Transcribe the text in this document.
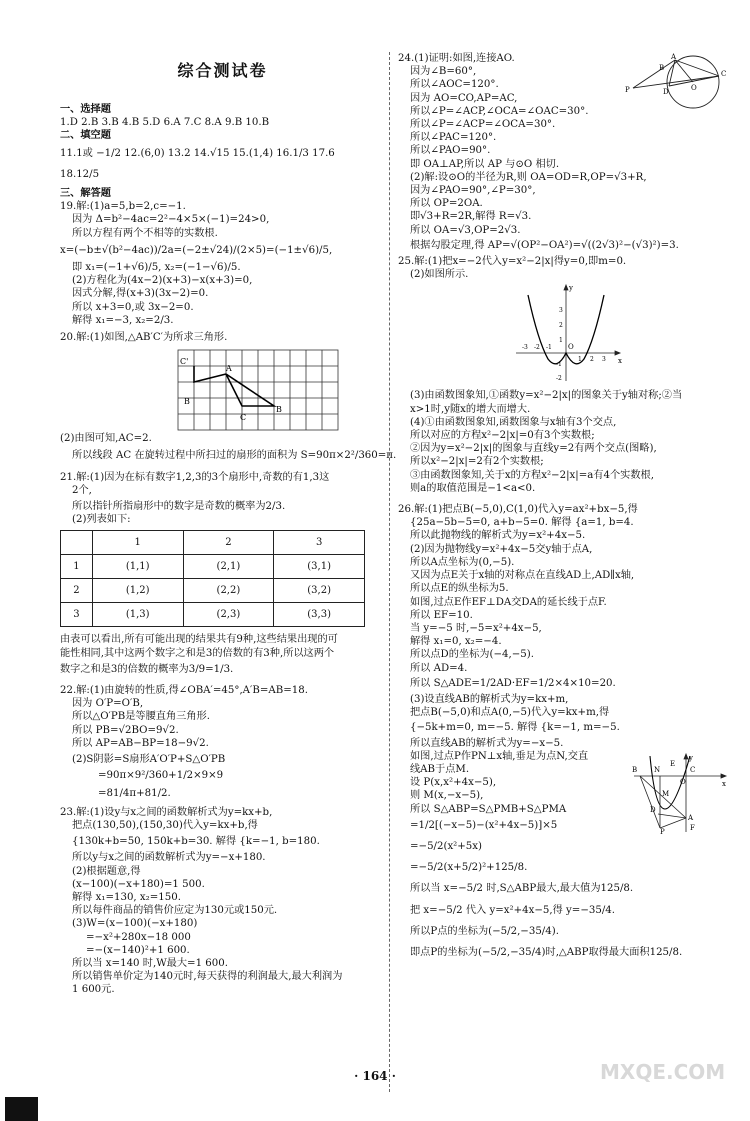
综合测试卷
一、选择题
1.D 2.B 3.B 4.B 5.D 6.A 7.C 8.A 9.B 10.B
二、填空题
11.1或 −1/2 12.(6,0) 13.2 14.√15 15.(1,4) 16.1/3 17.6
18.12/5
三、解答题
19.解:(1)a=5,b=2,c=−1.
因为 Δ=b²−4ac=2²−4×5×(−1)=24>0,
所以方程有两个不相等的实数根.
x=(−b±√(b²−4ac))/2a=(−2±√24)/(2×5)=(−1±√6)/5,
即 x₁=(−1+√6)/5, x₂=(−1−√6)/5.
(2)方程化为(4x−2)(x+3)−x(x+3)=0,
因式分解,得(x+3)(3x−2)=0.
所以 x+3=0,或 3x−2=0.
解得 x₁=−3, x₂=2/3.
20.解:(1)如图,△AB′C′为所求三角形.
A
B
C
B
C'
(2)由图可知,AC=2.
所以线段 AC 在旋转过程中所扫过的扇形的面积为 S=90π×2²/360=π.
21.解:(1)因为在标有数字1,2,3的3个扇形中,奇数的有1,3这
2个,
所以指针所指扇形中的数字是奇数的概率为2/3.
(2)列表如下:
	1	2	3
1	(1,1)	(2,1)	(3,1)
2	(1,2)	(2,2)	(3,2)
3	(1,3)	(2,3)	(3,3)
由表可以看出,所有可能出现的结果共有9种,这些结果出现的可
能性相同,其中这两个数字之和是3的倍数的有3种,所以这两个
数字之和是3的倍数的概率为3/9=1/3.
22.解:(1)由旋转的性质,得∠OBA′=45°,A′B=AB=18.
因为 O′P=O′B,
所以△O′PB是等腰直角三角形.
所以 PB=√2BO=9√2.
所以 AP=AB−BP=18−9√2.
(2)S阴影=S扇形A′O′P+S△O′PB
=90π×9²/360+1/2×9×9
=81/4π+81/2.
23.解:(1)设y与x之间的函数解析式为y=kx+b,
把点(130,50),(150,30)代入y=kx+b,得
{130k+b=50, 150k+b=30. 解得 {k=−1, b=180.
所以y与x之间的函数解析式为y=−x+180.
(2)根据题意,得
(x−100)(−x+180)=1 500.
解得 x₁=130, x₂=150.
所以每件商品的销售价应定为130元或150元.
(3)W=(x−100)(−x+180)
=−x²+280x−18 000
=−(x−140)²+1 600.
所以当 x=140 时,W最大=1 600.
所以销售单价定为140元时,每天获得的利润最大,最大利润为
1 600元.
A
B
C
D	O
P
24.(1)证明:如图,连接AO.
因为∠B=60°,
所以∠AOC=120°.
因为 AO=CO,AP=AC,
所以∠P=∠ACP,∠OCA=∠OAC=30°.
所以∠P=∠ACP=∠OCA=30°.
所以∠PAC=120°.
所以∠PAO=90°.
即 OA⊥AP,所以 AP 与⊙O 相切.
(2)解:设⊙O的半径为R,则 OA=OD=R,OP=√3+R,
因为∠PAO=90°,∠P=30°,
所以 OP=2OA.
即√3+R=2R,解得 R=√3.
所以 OA=√3,OP=2√3.
根据勾股定理,得 AP=√(OP²−OA²)=√((2√3)²−(√3)²)=3.
25.解:(1)把x=−2代入y=x²−2|x|得y=0,即m=0.
(2)如图所示.
y
x
O
1
2
3
-1
-2
1 2 3
-1
-2
-3
(3)由函数图象知,①函数y=x²−2|x|的图象关于y轴对称;②当
x>1时,y随x的增大而增大.
(4)①由函数图象知,函数图象与x轴有3个交点,
所以对应的方程x²−2|x|=0有3个实数根;
②因为y=x²−2|x|的图象与直线y=2有两个交点(图略),
所以x²−2|x|=2有2个实数根;
③由函数图象知,关于x的方程x²−2|x|=a有4个实数根,
则a的取值范围是−1<a<0.
26.解:(1)把点B(−5,0),C(1,0)代入y=ax²+bx−5,得
{25a−5b−5=0, a+b−5=0. 解得 {a=1, b=4.
所以此抛物线的解析式为y=x²+4x−5.
(2)因为抛物线y=x²+4x−5交y轴于点A,
所以A点坐标为(0,−5).
又因为点E关于x轴的对称点在直线AD上,AD∥x轴,
所以点E的纵坐标为5.
如图,过点E作EF⊥DA交DA的延长线于点F.
所以 EF=10.
当 y=−5 时,−5=x²+4x−5,
解得 x₁=0, x₂=−4.
所以点D的坐标为(−4,−5).
所以 AD=4.
所以 S△ADE=1/2AD·EF=1/2×4×10=20.
(3)设直线AB的解析式为y=kx+m,
把点B(−5,0)和点A(0,−5)代入y=kx+m,得
{−5k+m=0, m=−5. 解得 {k=−1, m=−5.
所以直线AB的解析式为y=−x−5.
B N
O
C
x
y
D
M
A
F
P
E
如图,过点P作PN⊥x轴,垂足为点N,交直
线AB于点M.
设 P(x,x²+4x−5),
则 M(x,−x−5),
所以 S△ABP=S△PMB+S△PMA
=1/2[(−x−5)−(x²+4x−5)]×5
=−5/2(x²+5x)
=−5/2(x+5/2)²+125/8.
所以当 x=−5/2 时,S△ABP最大,最大值为125/8.
把 x=−5/2 代入 y=x²+4x−5,得 y=−35/4.
所以P点的坐标为(−5/2,−35/4).
即点P的坐标为(−5/2,−35/4)时,△ABP取得最大面积125/8.
· 164 ·	MXQE.COM
